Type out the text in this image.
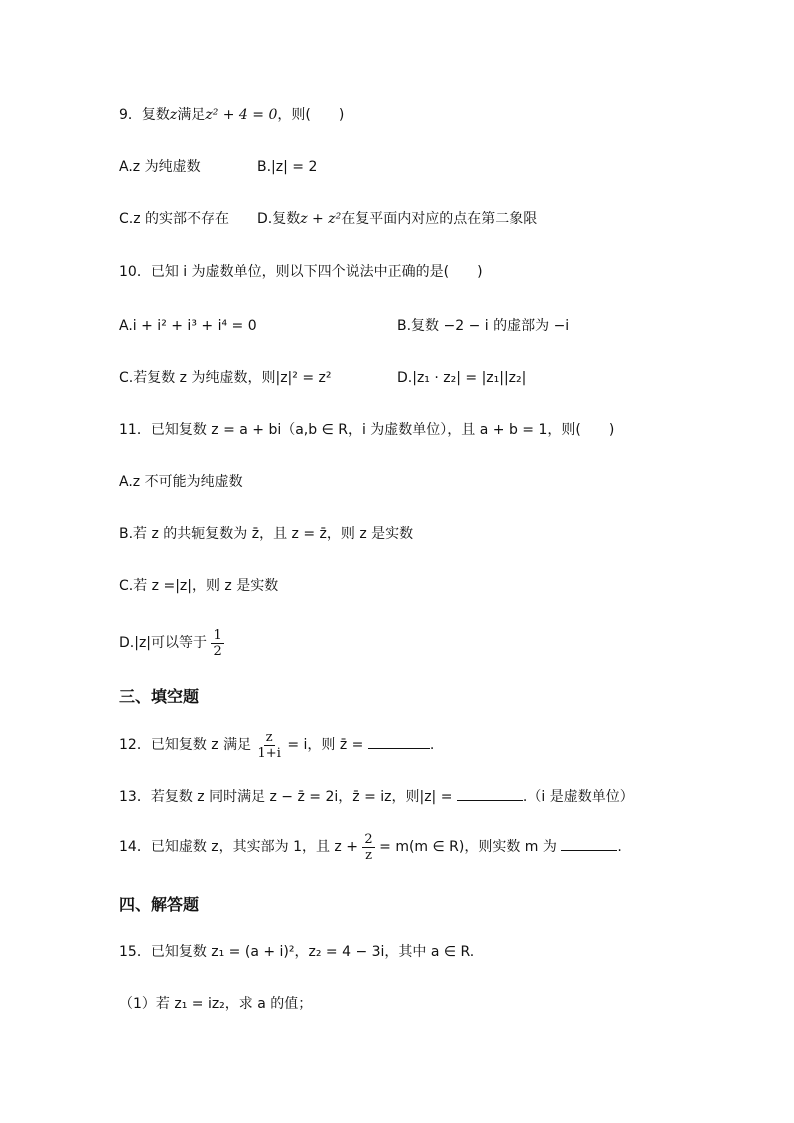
9．复数z满足z² + 4 = 0，则(　　)
A.z 为纯虚数	B.|z| = 2
C.z 的实部不存在 D.复数z + z²在复平面内对应的点在第二象限
10．已知 i 为虚数单位，则以下四个说法中正确的是(　　)
A.i + i² + i³ + i⁴ = 0	B.复数 −2 − i 的虚部为 −i
C.若复数 z 为纯虚数，则|z|² = z²	D.|z₁ · z₂| = |z₁||z₂|
11．已知复数 z = a + bi（a,b ∈ R，i 为虚数单位），且 a + b = 1，则(　　)
A.z 不可能为纯虚数
B.若 z 的共轭复数为 z̄，且 z = z̄，则 z 是实数
C.若 z =|z|，则 z 是实数
D.|z|可以等于 $\frac{1}{2}$
三、填空题
12．已知复数 z 满足 $\frac{z}{1+i} = i$，则 z̄ =	.
13．若复数 z 同时满足 z − z̄ = 2i，z̄ = iz，则|z| =	.（i 是虚数单位）
14．已知虚数 z，其实部为 1，且 $z + \frac{2}{z} = m(m$ ∈ R)，则实数 m 为	.
四、解答题
15．已知复数 z₁ = (a + i)²，z₂ = 4 − 3i，其中 a ∈ R.
（1）若 z₁ = iz₂，求 a 的值；
